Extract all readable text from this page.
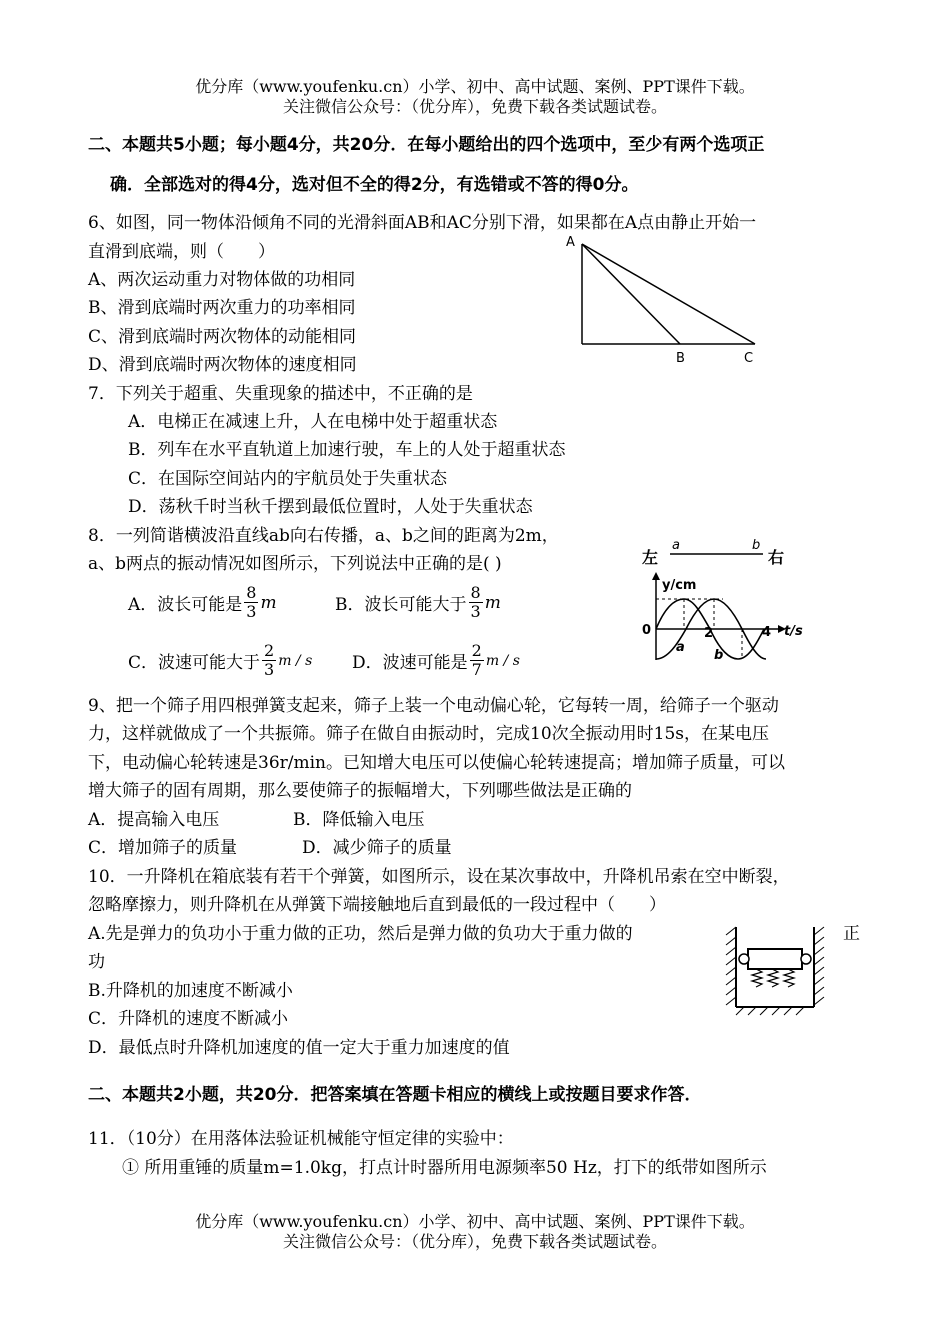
优分库（www.youfenku.cn）小学、初中、高中试题、案例、PPT课件下载。
关注微信公众号：（优分库），免费下载各类试题试卷。
二、本题共5小题；每小题4分，共20分．在每小题给出的四个选项中，至少有两个选项正
确．全部选对的得4分，选对但不全的得2分，有选错或不答的得0分。
6、如图，同一物体沿倾角不同的光滑斜面AB和AC分别下滑，如果都在A点由静止开始一
直滑到底端，则（　　）
A、两次运动重力对物体做的功相同
B、滑到底端时两次重力的功率相同
C、滑到底端时两次物体的动能相同
D、滑到底端时两次物体的速度相同
A
B	C
7．下列关于超重、失重现象的描述中，不正确的是
A．电梯正在减速上升，人在电梯中处于超重状态
B．列车在水平直轨道上加速行驶，车上的人处于超重状态
C．在国际空间站内的宇航员处于失重状态
D．荡秋千时当秋千摆到最低位置时，人处于失重状态
8．一列简谐横波沿直线ab向右传播，a、b之间的距离为2m，
a、b两点的振动情况如图所示，下列说法中正确的是( )
A．波长可能是 $\frac{8}{3}$ m	B．波长可能大于 $\frac{8}{3}$ m
C．波速可能大于 $\frac{2}{3}$ m / s D．波速可能是 $\frac{2}{7}$ m / s
左	右
a	b
y/cm
t/s
0	2	4
a
b
9、把一个筛子用四根弹簧支起来，筛子上装一个电动偏心轮，它每转一周，给筛子一个驱动
力，这样就做成了一个共振筛。筛子在做自由振动时，完成10次全振动用时15s，在某电压
下，电动偏心轮转速是36r/min。已知增大电压可以使偏心轮转速提高；增加筛子质量，可以
增大筛子的固有周期，那么要使筛子的振幅增大，下列哪些做法是正确的
A．提高输入电压	B．降低输入电压
C．增加筛子的质量	D．减少筛子的质量
10．一升降机在箱底装有若干个弹簧，如图所示，设在某次事故中，升降机吊索在空中断裂，
忽略摩擦力，则升降机在从弹簧下端接触地后直到最低的一段过程中（　　）
A.先是弹力的负功小于重力做的正功，然后是弹力做的负功大于重力做的	正
功
B.升降机的加速度不断减小
C．升降机的速度不断减小
D．最低点时升降机加速度的值一定大于重力加速度的值
二、本题共2小题，共20分．把答案填在答题卡相应的横线上或按题目要求作答．
11．（10分）在用落体法验证机械能守恒定律的实验中：
① 所用重锤的质量m=1.0kg，打点计时器所用电源频率50 Hz，打下的纸带如图所示
优分库（www.youfenku.cn）小学、初中、高中试题、案例、PPT课件下载。
关注微信公众号：（优分库），免费下载各类试题试卷。
